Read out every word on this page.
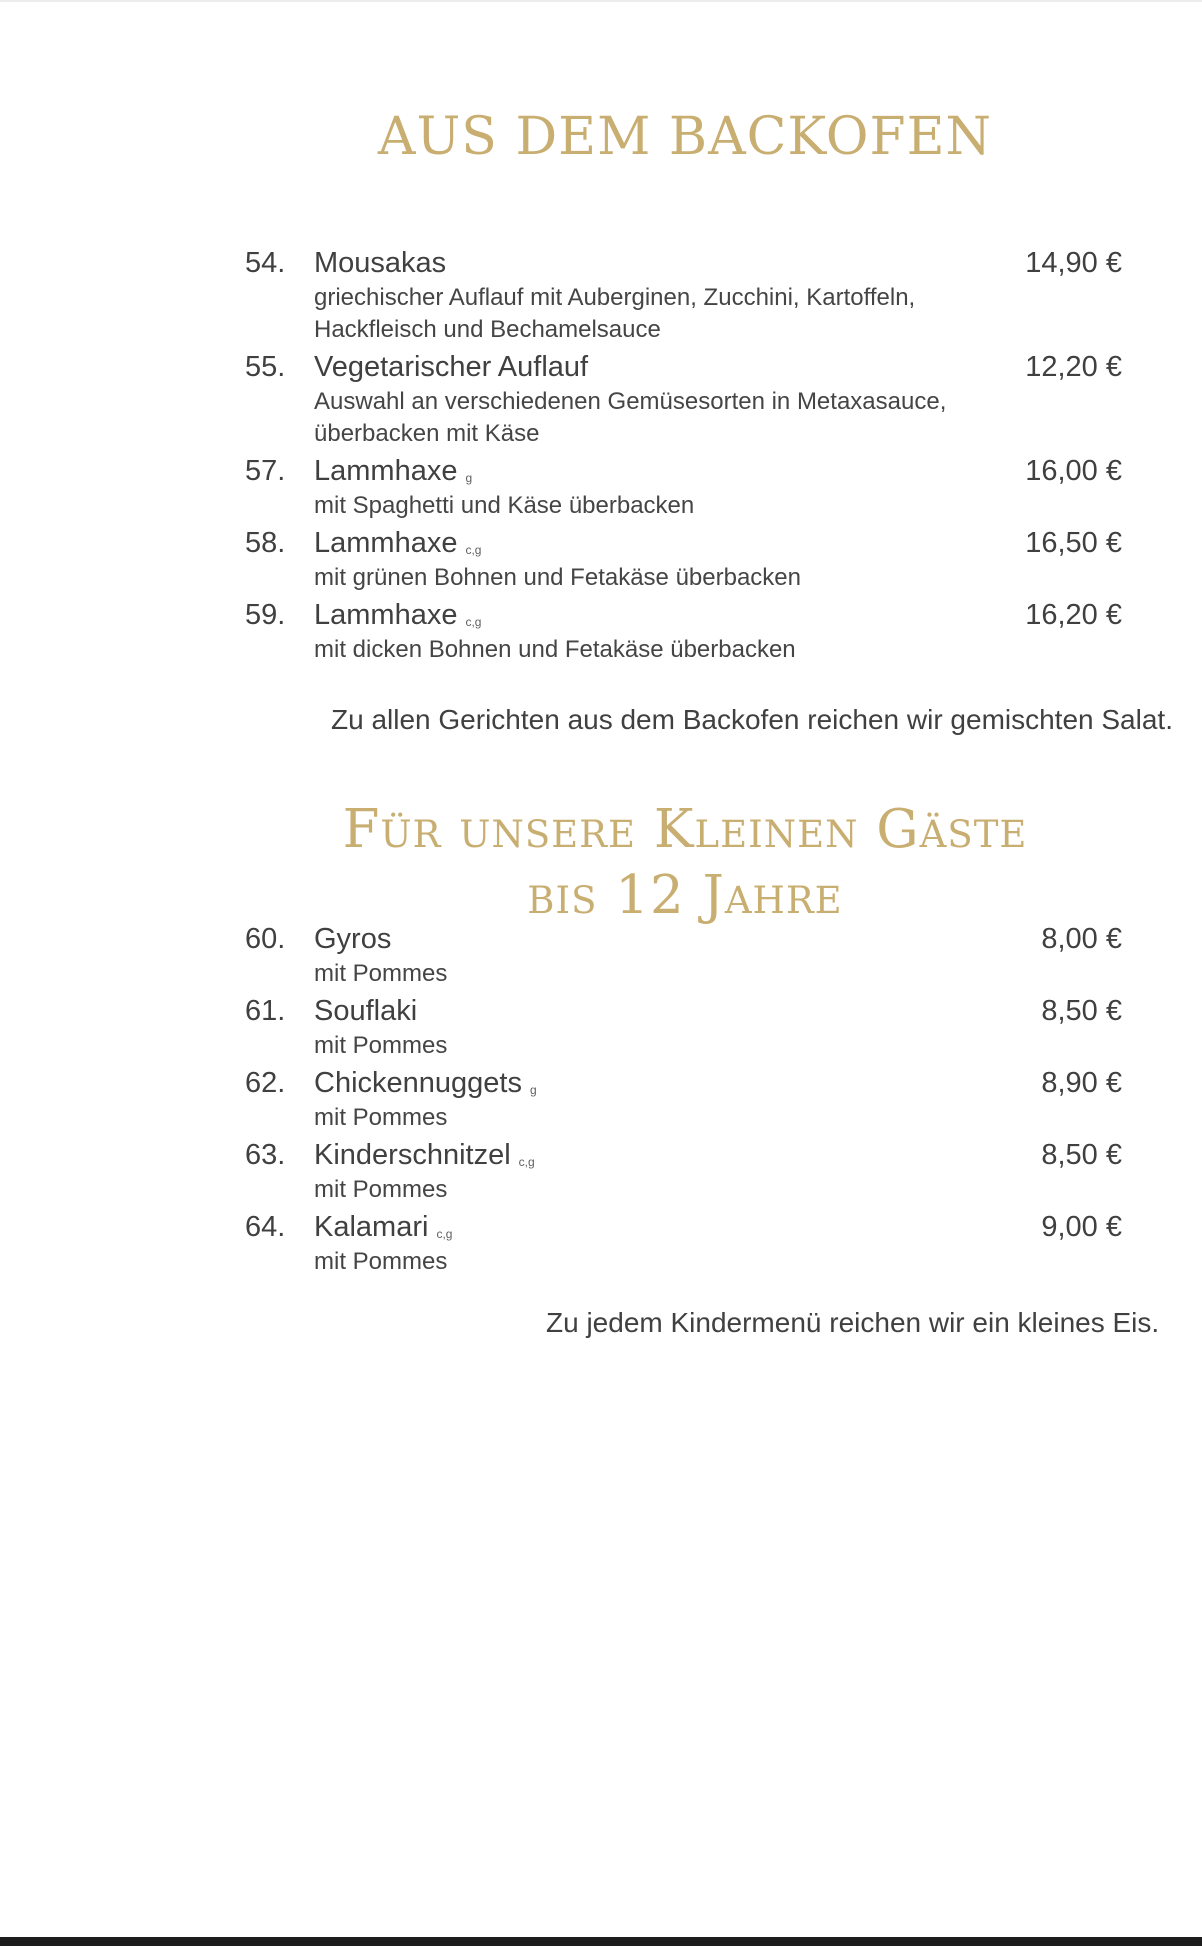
AUS DEM BACKOFEN
54. Mousakas	14,90 €
griechischer Auflauf mit Auberginen, Zucchini, Kartoffeln, Hackfleisch und Bechamelsauce
55. Vegetarischer Auflauf	12,20 €
Auswahl an verschiedenen Gemüsesorten in Metaxasauce, überbacken mit Käse
57. Lammhaxe g	16,00 €
mit Spaghetti und Käse überbacken
58. Lammhaxe c,g	16,50 €
mit grünen Bohnen und Fetakäse überbacken
59. Lammhaxe c,g	16,20 €
mit dicken Bohnen und Fetakäse überbacken
Zu allen Gerichten aus dem Backofen reichen wir gemischten Salat.
Für unsere Kleinen Gäste
bis 12 Jahre
60. Gyros	8,00 €
mit Pommes
61. Souflaki	8,50 €
mit Pommes
62. Chickennuggets g	8,90 €
mit Pommes
63. Kinderschnitzel c,g	8,50 €
mit Pommes
64. Kalamari c,g	9,00 €
mit Pommes
Zu jedem Kindermenü reichen wir ein kleines Eis.
